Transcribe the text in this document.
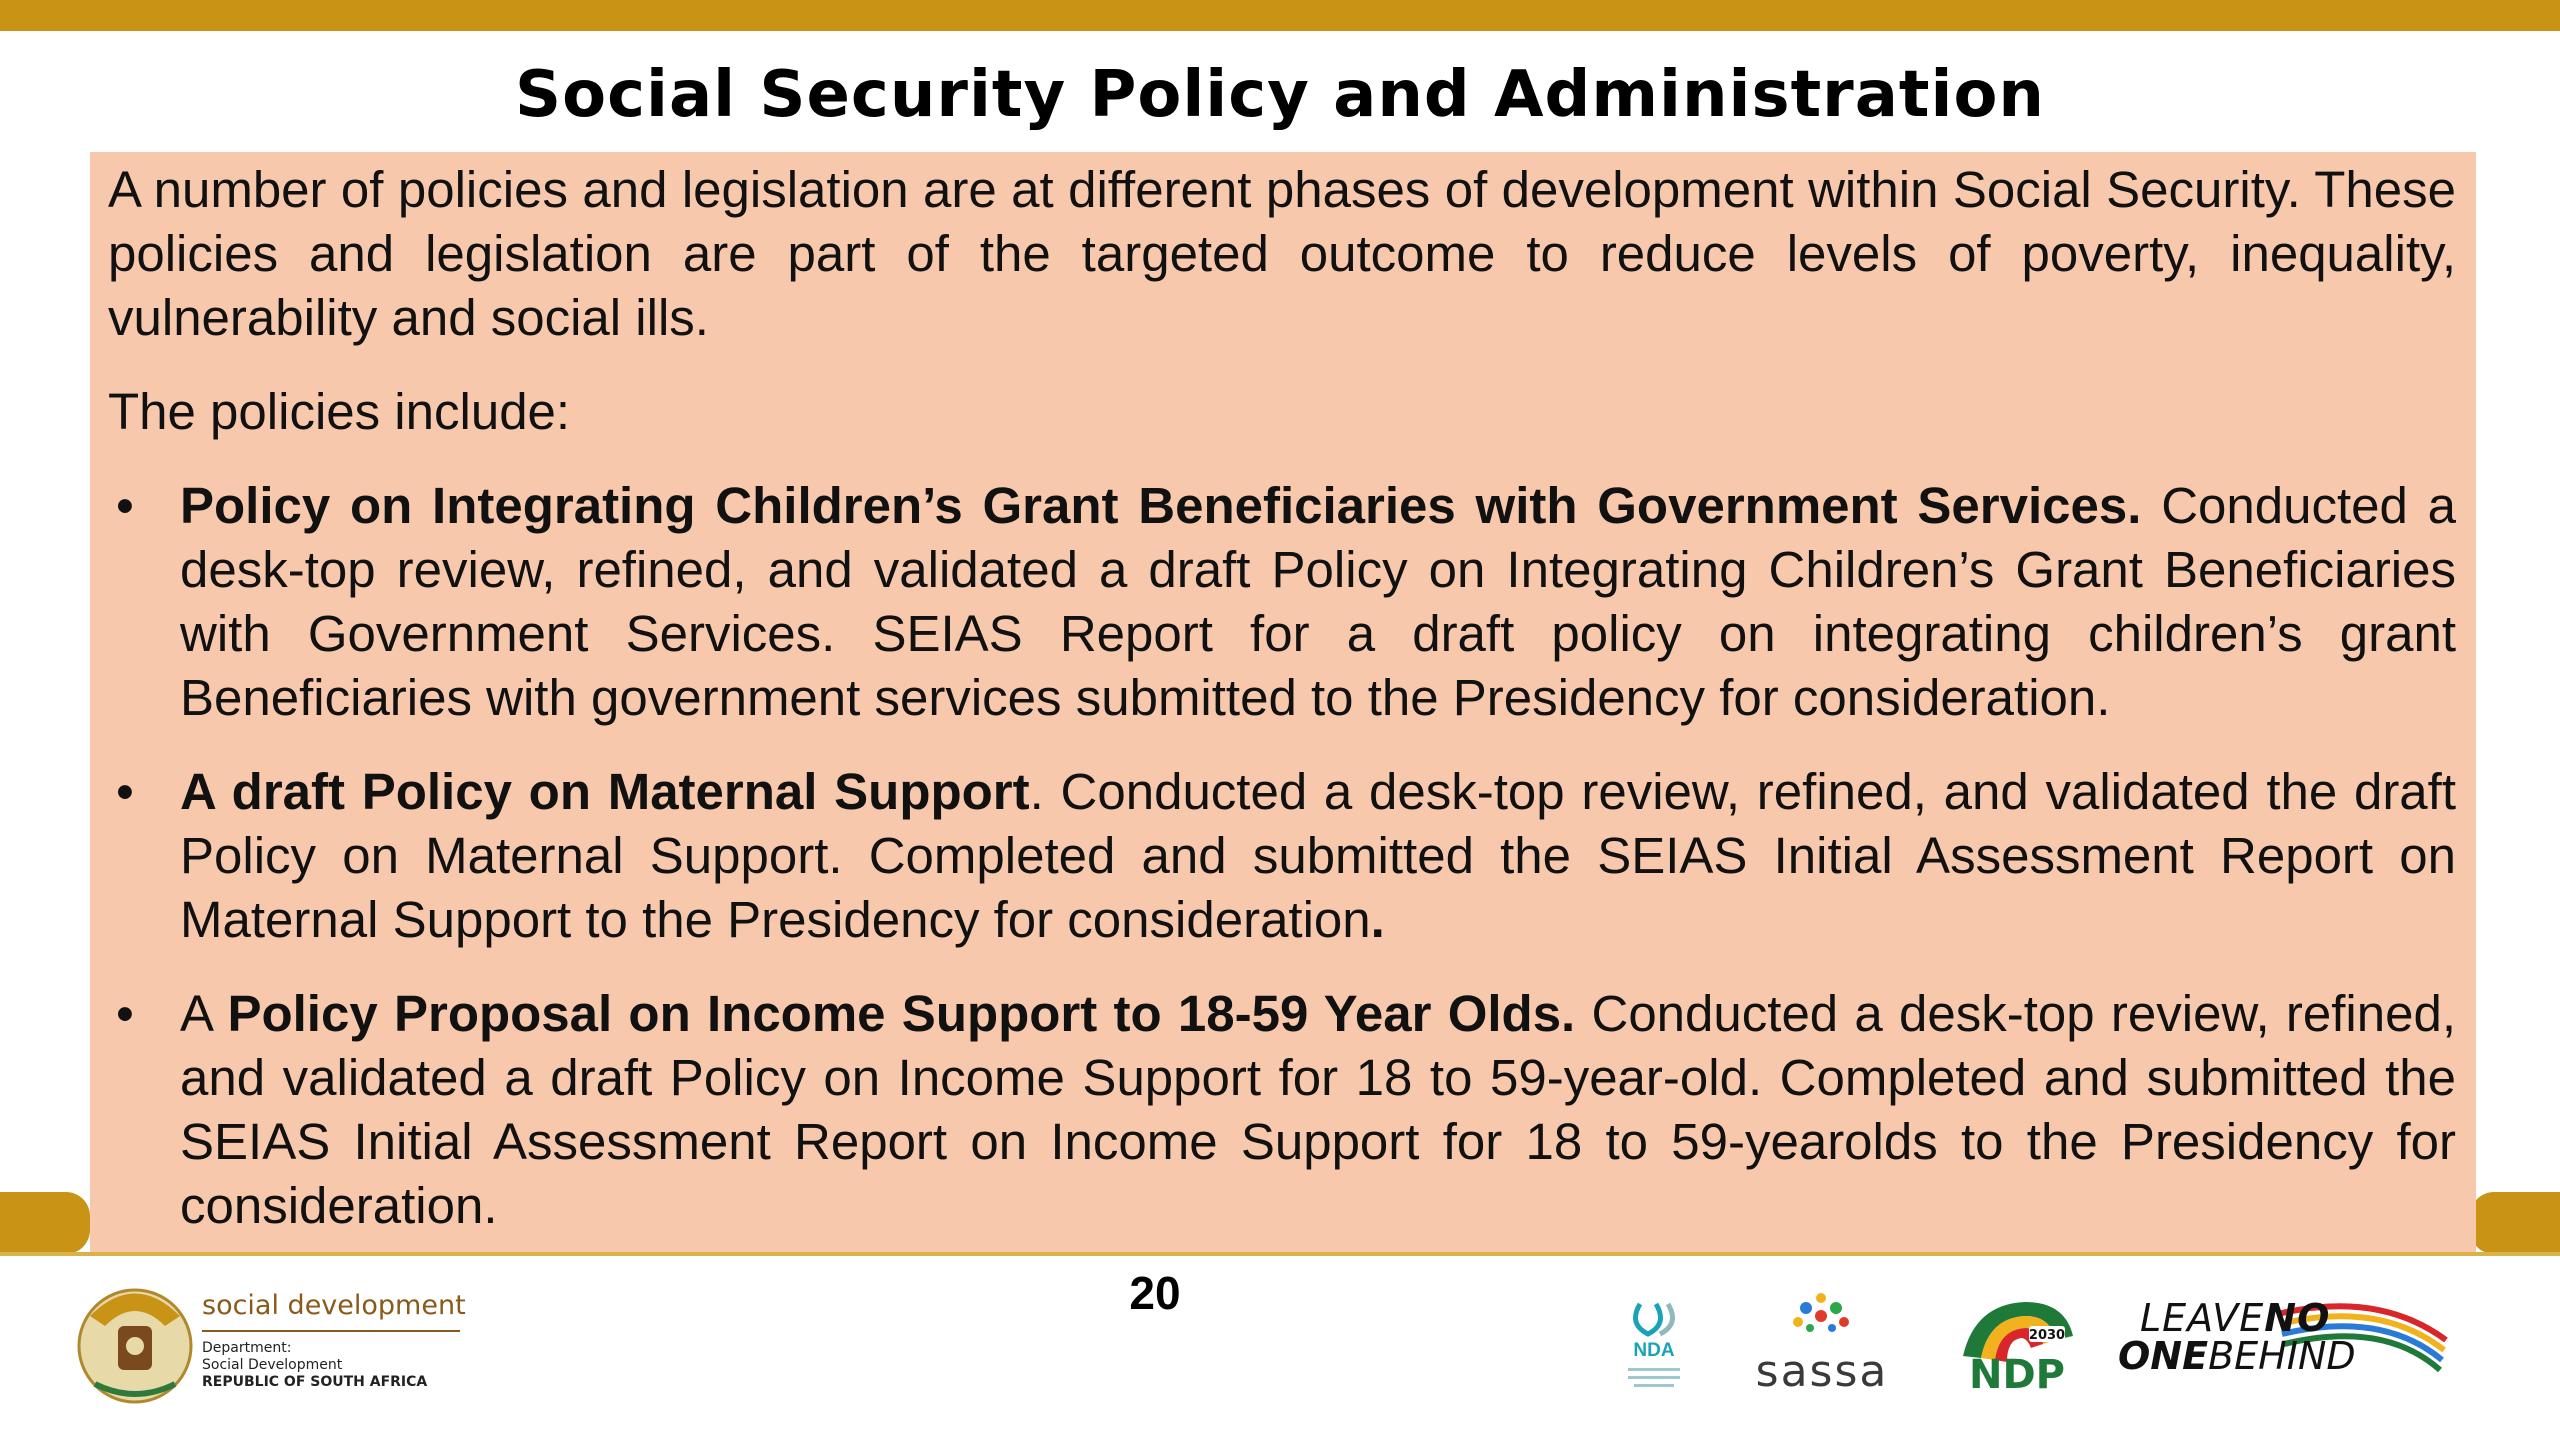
Social Security Policy and Administration

A number of policies and legislation are at different phases of development within Social Security. These policies and legislation are part of the targeted outcome to reduce levels of poverty, inequality, vulnerability and social ills.

The policies include:

• Policy on Integrating Children’s Grant Beneficiaries with Government Services. Conducted a desk-top review, refined, and validated a draft Policy on Integrating Children’s Grant Beneficiaries with Government Services. SEIAS Report for a draft policy on integrating children’s grant Beneficiaries with government services submitted to the Presidency for consideration.
• A draft Policy on Maternal Support. Conducted a desk-top review, refined, and validated the draft Policy on Maternal Support. Completed and submitted the SEIAS Initial Assessment Report on Maternal Support to the Presidency for consideration.
• A Policy Proposal on Income Support to 18-59 Year Olds. Conducted a desk-top review, refined, and validated a draft Policy on Income Support for 18 to 59-year-old. Completed and submitted the SEIAS Initial Assessment Report on Income Support for 18 to 59-yearolds to the Presidency for consideration.
20
social development
Department:
Social Development
REPUBLIC OF SOUTH AFRICA
NDA	sassa
2030
NDP
LEAVENO
ONEBEHIND
